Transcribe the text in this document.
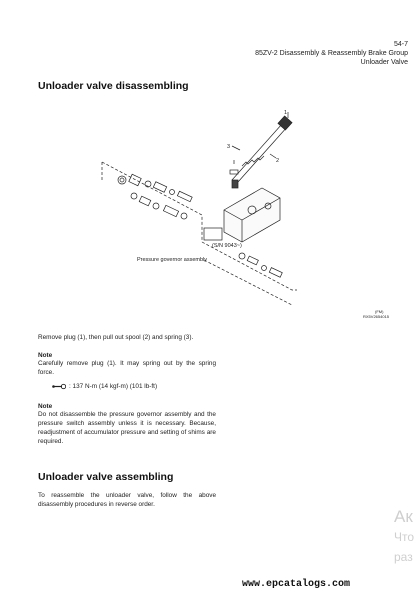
54-7
85ZV-2 Disassembly & Reassembly Brake Group
Unloader Valve
Unloader valve disassembling
1
2
3
(S/N 9043~)
Pressure governor assembly
(FM)
RX5V2654015
Remove plug (1), then pull out spool (2) and spring (3).
Note
Carefully remove plug (1). It may spring out by the spring force.
: 137 N-m (14 kgf-m) (101 lb-ft)
Note
Do not disassemble the pressure governor assembly and the pressure switch assembly unless it is necessary. Because, readjustment of accumulator pressure and setting of shims are required.
Unloader valve assembling
To reassemble the unloader valve, follow the above disassembly procedures in reverse order.
Ак
Что
раз
www.epcatalogs.com
